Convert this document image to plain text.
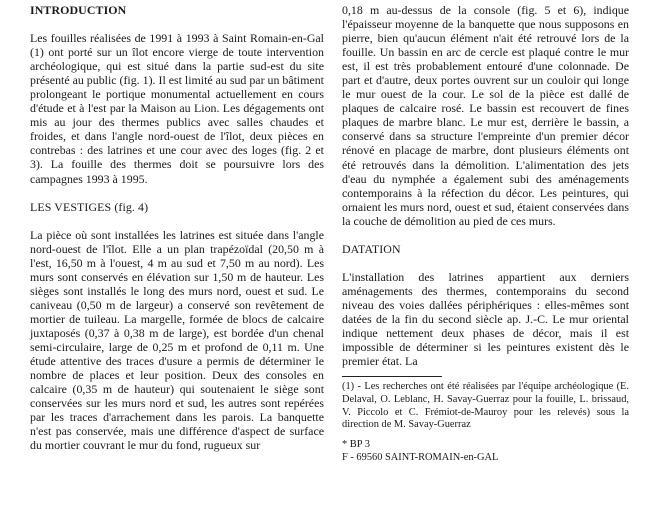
INTRODUCTION

Les fouilles réalisées de 1991 à 1993 à Saint Romain-en-Gal (1) ont porté sur un îlot encore vierge de toute intervention archéologique, qui est situé dans la partie sud-est du site présenté au public (fig. 1). Il est limité au sud par un bâtiment prolongeant le portique monumental actuellement en cours d'étude et à l'est par la Maison au Lion. Les dégagements ont mis au jour des thermes publics avec salles chaudes et froides, et dans l'angle nord-ouest de l'îlot, deux pièces en contrebas : des latrines et une cour avec des loges (fig. 2 et 3). La fouille des thermes doit se poursuivre lors des campagnes 1993 à 1995.

LES VESTIGES (fig. 4)

La pièce où sont installées les latrines est située dans l'angle nord-ouest de l'îlot. Elle a un plan trapézoïdal (20,50 m à l'est, 16,50 m à l'ouest, 4 m au sud et 7,50 m au nord). Les murs sont conservés en élévation sur 1,50 m de hauteur. Les sièges sont installés le long des murs nord, ouest et sud. Le caniveau (0,50 m de largeur) a conservé son revêtement de mortier de tuileau. La margelle, formée de blocs de calcaire juxtaposés (0,37 à 0,38 m de large), est bordée d'un chenal semi-circulaire, large de 0,25 m et profond de 0,11 m. Une étude attentive des traces d'usure a permis de déterminer le nombre de places et leur position. Deux des consoles en calcaire (0,35 m de hauteur) qui soutenaient le siège sont conservées sur les murs nord et sud, les autres sont repérées par les traces d'arrachement dans les parois. La banquette n'est pas conservée, mais une différence d'aspect de surface du mortier couvrant le mur du fond, rugueux sur

0,18 m au-dessus de la console (fig. 5 et 6), indique l'épaisseur moyenne de la banquette que nous supposons en pierre, bien qu'aucun élément n'ait été retrouvé lors de la fouille. Un bassin en arc de cercle est plaqué contre le mur est, il est très probablement entouré d'une colonnade. De part et d'autre, deux portes ouvrent sur un couloir qui longe le mur ouest de la cour. Le sol de la pièce est dallé de plaques de calcaire rosé. Le bassin est recouvert de fines plaques de marbre blanc. Le mur est, derrière le bassin, a conservé dans sa structure l'empreinte d'un premier décor rénové en placage de marbre, dont plusieurs éléments ont été retrouvés dans la démolition. L'alimentation des jets d'eau du nymphée a également subi des aménagements contemporains à la réfection du décor. Les peintures, qui ornaient les murs nord, ouest et sud, étaient conservées dans la couche de démolition au pied de ces murs.

DATATION

L'installation des latrines appartient aux derniers aménagements des thermes, contemporains du second niveau des voies dallées périphériques : elles-mêmes sont datées de la fin du second siècle ap. J.-C. Le mur oriental indique nettement deux phases de décor, mais il est impossible de déterminer si les peintures existent dès le premier état. La

(1) - Les recherches ont été réalisées par l'équipe archéologique (E. Delaval, O. Leblanc, H. Savay-Guerraz pour la fouille, L. brissaud, V. Piccolo et C. Frémiot-de-Mauroy pour les relevés) sous la direction de M. Savay-Guerraz

* BP 3

F - 69560 SAINT-ROMAIN-en-GAL
